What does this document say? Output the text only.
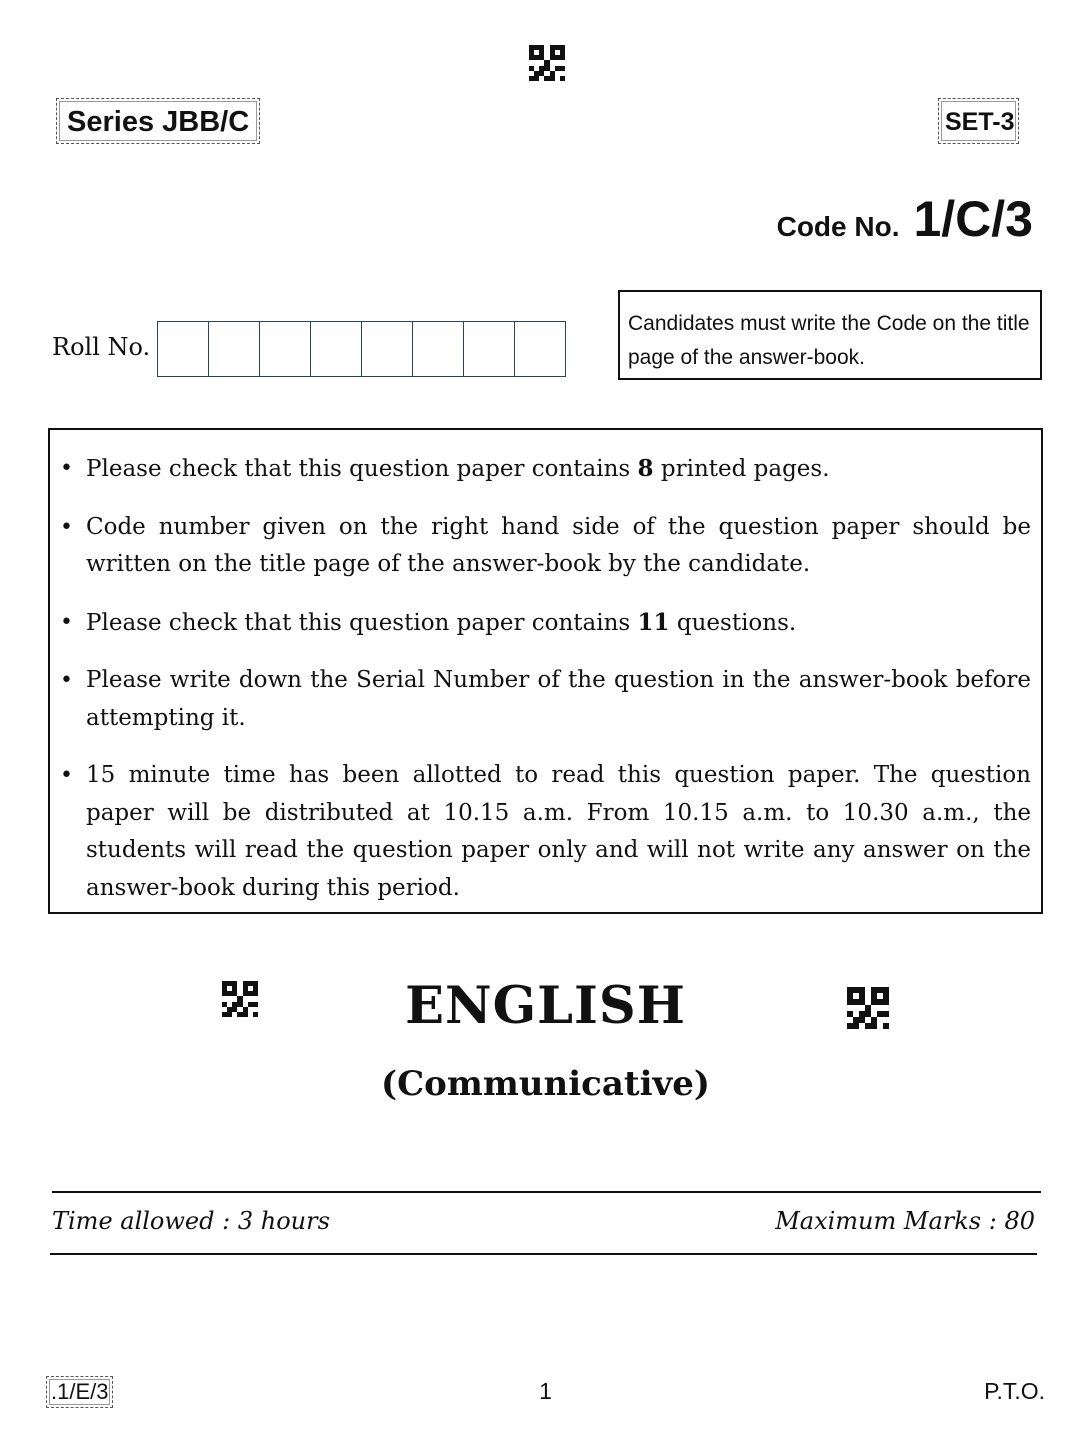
Series JBB/C	SET-3
Code No. 1/C/3
Roll No.
Candidates must write the Code on the title page of the answer-book.
• Please check that this question paper contains 8 printed pages.
• Code number given on the right hand side of the question paper should be written on the title page of the answer-book by the candidate.
• Please check that this question paper contains 11 questions.
• Please write down the Serial Number of the question in the answer-book before attempting it.
• 15 minute time has been allotted to read this question paper. The question paper will be distributed at 10.15 a.m. From 10.15 a.m. to 10.30 a.m., the students will read the question paper only and will not write any answer on the answer-book during this period.
ENGLISH
(Communicative)
Time allowed : 3 hours	Maximum Marks : 80
.1/E/3	1	P.T.O.
